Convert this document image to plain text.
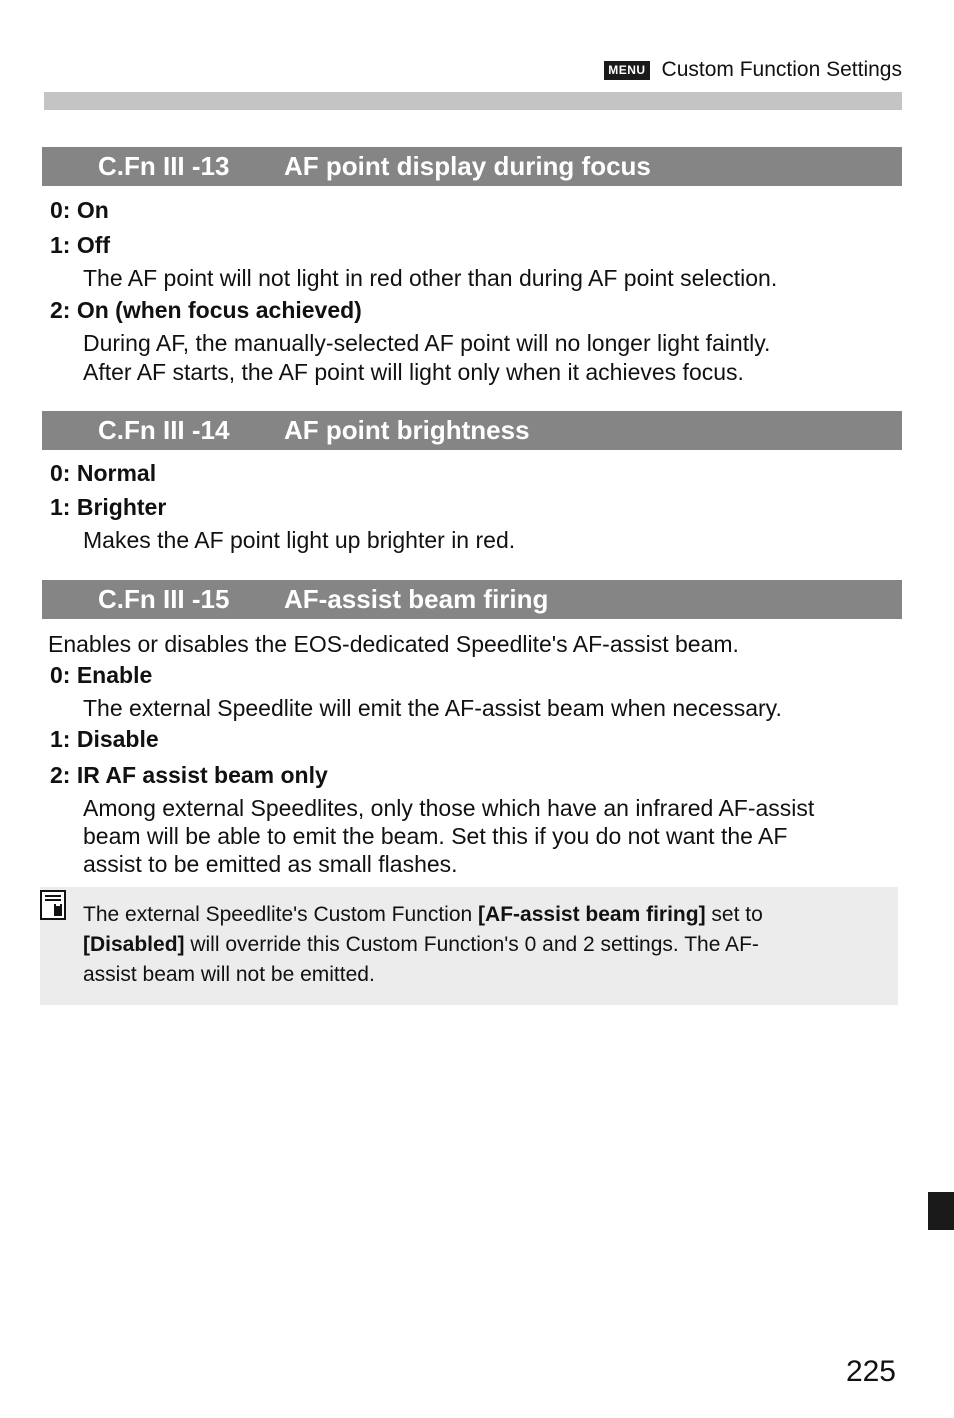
MENU Custom Function Settings
C.Fn III -13	AF point display during focus
0: On
1: Off
The AF point will not light in red other than during AF point selection.
2: On (when focus achieved)
During AF, the manually-selected AF point will no longer light faintly.
After AF starts, the AF point will light only when it achieves focus.
C.Fn III -14	AF point brightness
0: Normal
1: Brighter
Makes the AF point light up brighter in red.
C.Fn III -15	AF-assist beam firing
Enables or disables the EOS-dedicated Speedlite's AF-assist beam.
0: Enable
The external Speedlite will emit the AF-assist beam when necessary.
1: Disable
2: IR AF assist beam only
Among external Speedlites, only those which have an infrared AF-assist
beam will be able to emit the beam. Set this if you do not want the AF
assist to be emitted as small flashes.
The external Speedlite's Custom Function [AF-assist beam firing] set to
[Disabled] will override this Custom Function's 0 and 2 settings. The AF-
assist beam will not be emitted.
225
